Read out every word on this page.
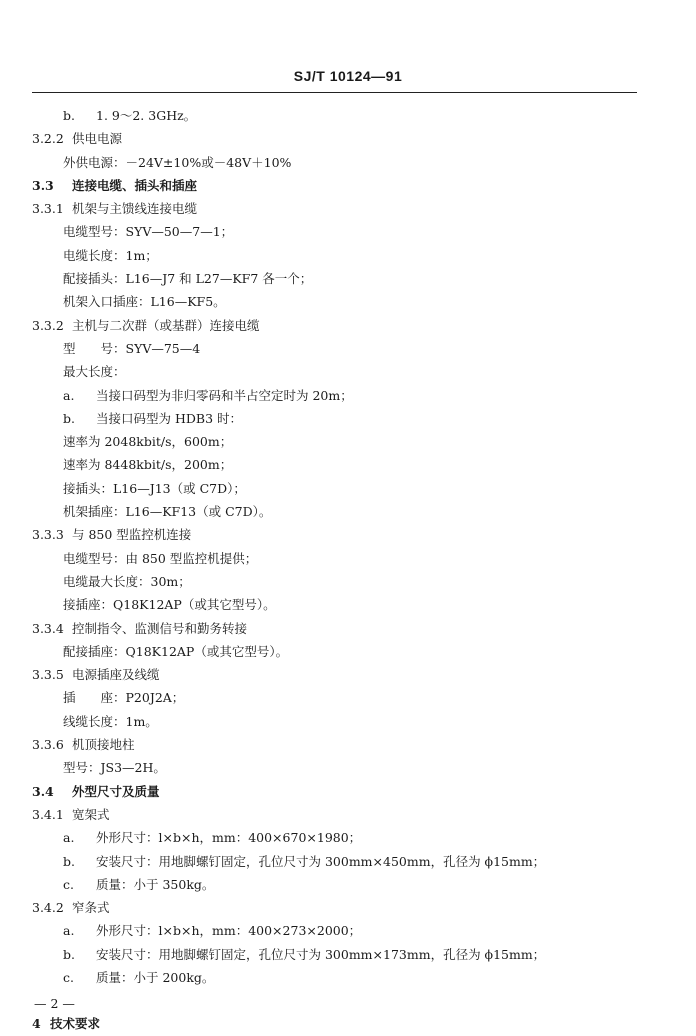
SJ/T 10124—91
b. 1. 9～2. 3GHz。
3.2.2 供电电源
外供电源：－24V±10%或－48V＋10%
3.3 连接电缆、插头和插座
3.3.1 机架与主馈线连接电缆
电缆型号：SYV—50—7—1；
电缆长度：1m；
配接插头：L16—J7 和 L27—KF7 各一个；
机架入口插座：L16—KF5。
3.3.2 主机与二次群（或基群）连接电缆
型　　号：SYV—75—4
最大长度：
a. 当接口码型为非归零码和半占空定时为 20m；
b. 当接口码型为 HDB3 时：
速率为 2048kbit/s，600m；
速率为 8448kbit/s，200m；
接插头：L16—J13（或 C7D）；
机架插座：L16—KF13（或 C7D）。
3.3.3 与 850 型监控机连接
电缆型号：由 850 型监控机提供；
电缆最大长度：30m；
接插座：Q18K12AP（或其它型号）。
3.3.4 控制指令、监测信号和勤务转接
配接插座：Q18K12AP（或其它型号）。
3.3.5 电源插座及线缆
插　　座：P20J2A；
线缆长度：1m。
3.3.6 机顶接地柱
型号：JS3—2H。
3.4 外型尺寸及质量
3.4.1 宽架式
a. 外形尺寸：l×b×h，mm：400×670×1980；
b. 安装尺寸：用地脚螺钉固定，孔位尺寸为 300mm×450mm，孔径为 ϕ15mm；
c. 质量：小于 350kg。
3.4.2 窄条式
a. 外形尺寸：l×b×h，mm：400×273×2000；
b. 安装尺寸：用地脚螺钉固定，孔位尺寸为 300mm×173mm，孔径为 ϕ15mm；
c. 质量：小于 200kg。
4 技术要求
— 2 —
